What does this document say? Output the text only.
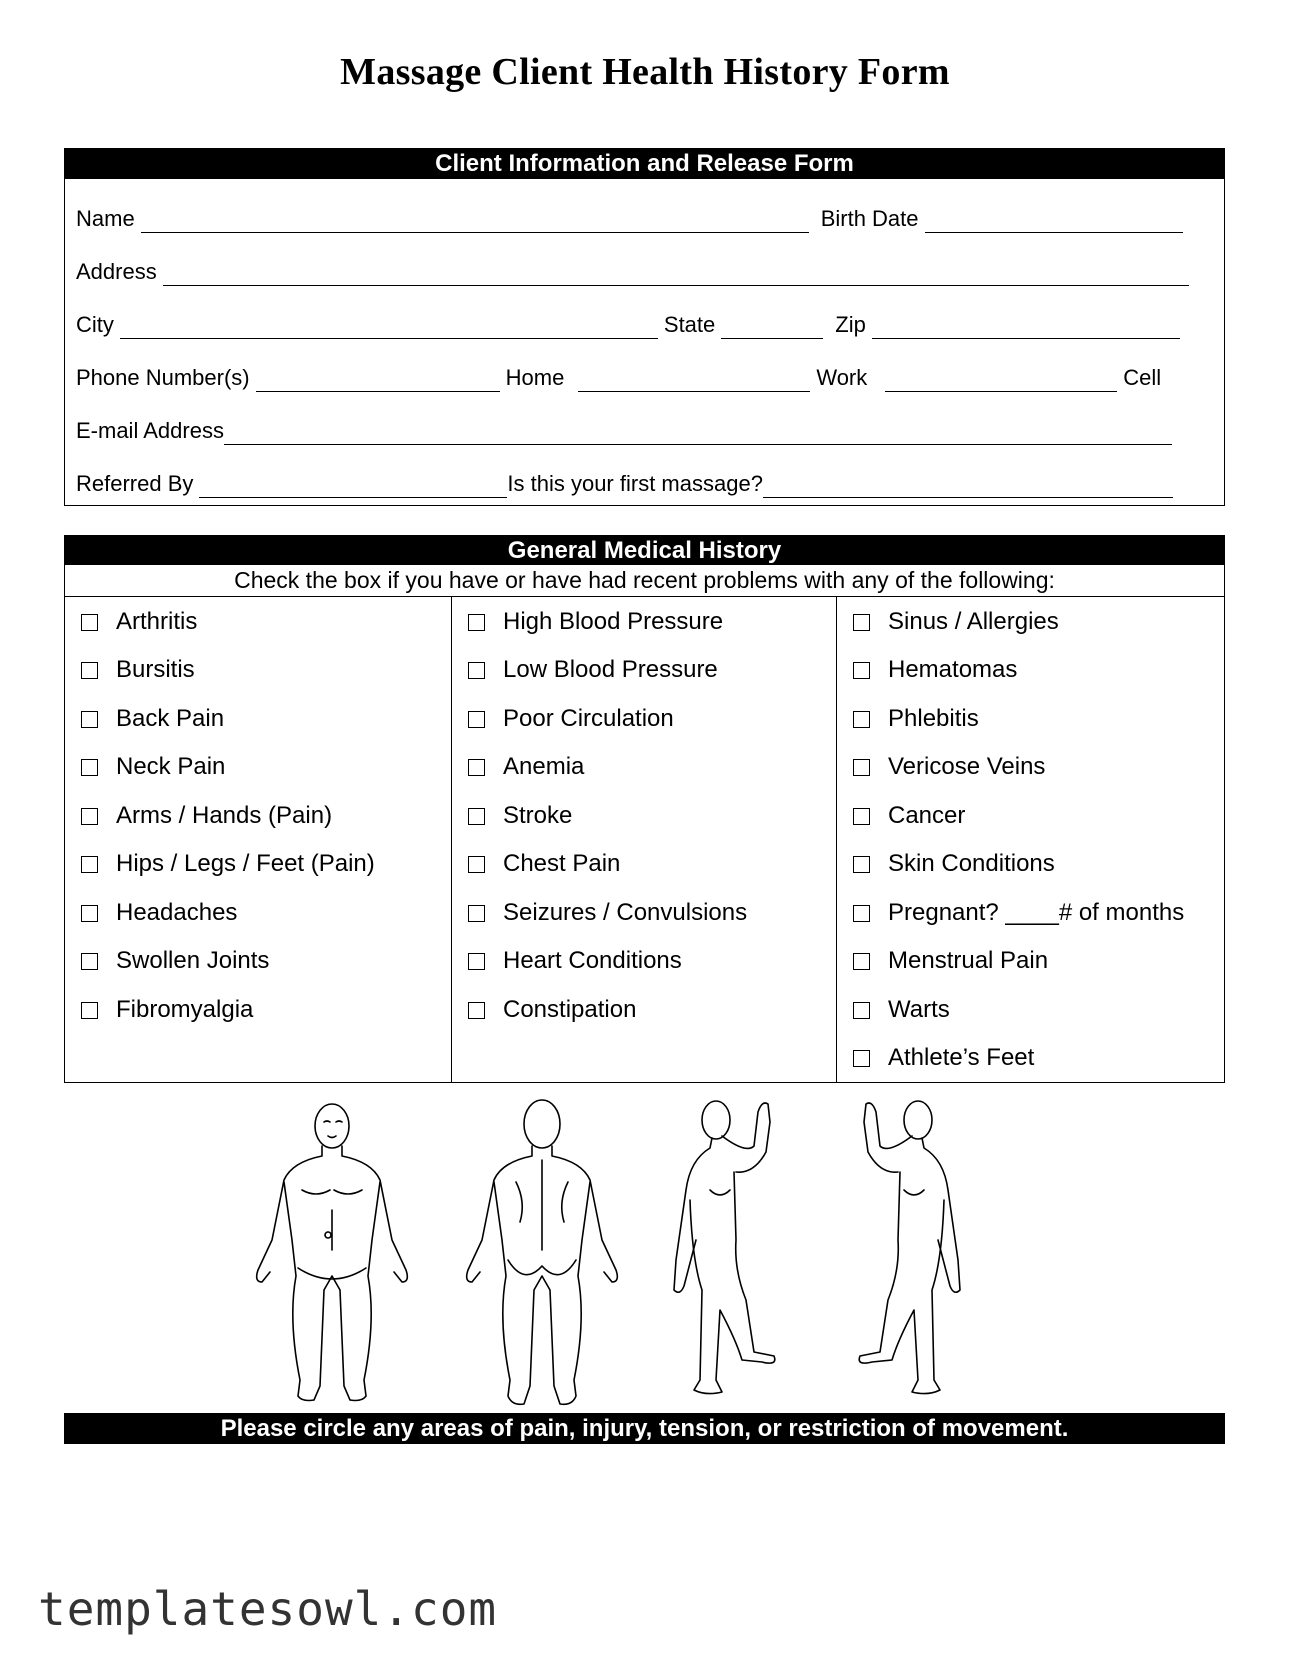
Massage Client Health History Form
Client Information and Release Form
Name	Birth Date
Address
City	State	Zip
Phone Number(s)	Home	Work	Cell
E-mail Address
Referred By	Is this your first massage?
General Medical History
Check the box if you have or have had recent problems with any of the following:
Arthritis
Bursitis
Back Pain
Neck Pain
Arms / Hands (Pain)
Hips / Legs / Feet (Pain)
Headaches
Swollen Joints
Fibromyalgia
High Blood Pressure
Low Blood Pressure
Poor Circulation
Anemia
Stroke
Chest Pain
Seizures / Convulsions
Heart Conditions
Constipation
Sinus / Allergies
Hematomas
Phlebitis
Vericose Veins
Cancer
Skin Conditions
Pregnant? ____# of months
Menstrual Pain
Warts
Athlete’s Feet
Please circle any areas of pain, injury, tension, or restriction of movement.
templatesowl.com
